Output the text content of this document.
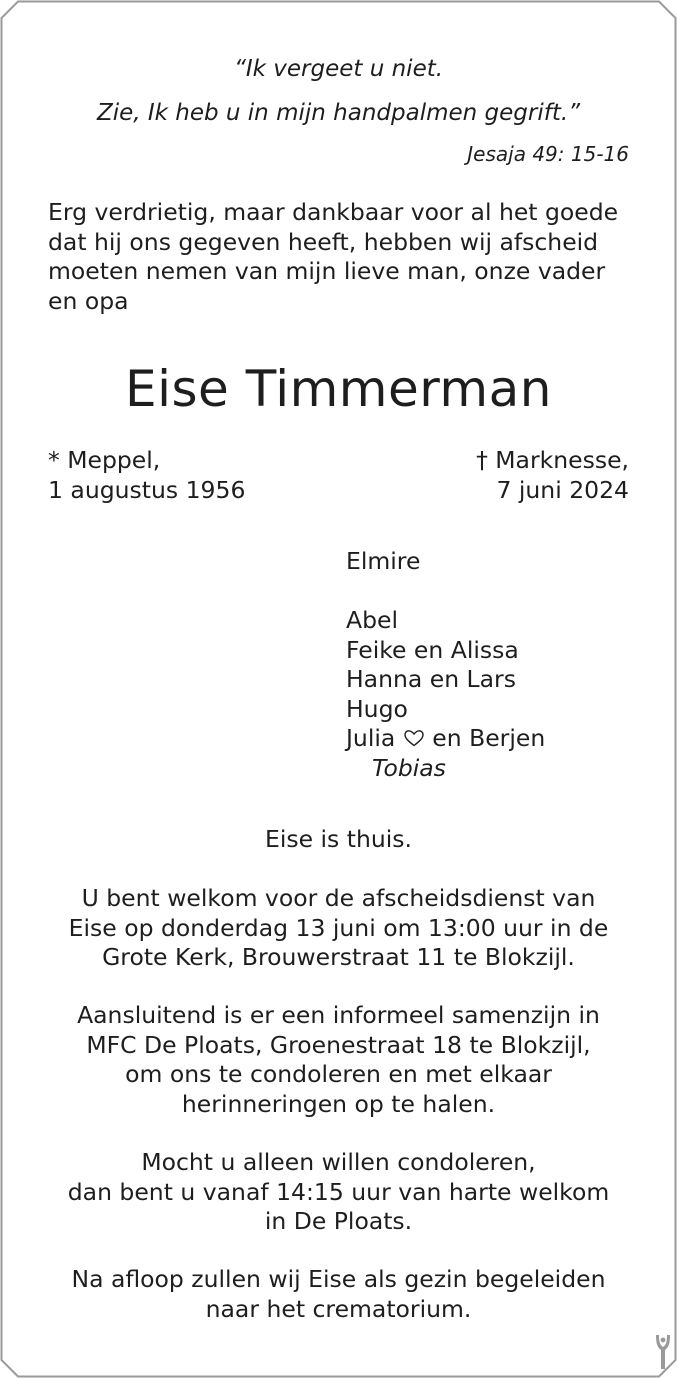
“Ik vergeet u niet.
Zie, Ik heb u in mijn handpalmen gegrift.”
Jesaja 49: 15-16
Erg verdrietig, maar dankbaar voor al het goede
dat hij ons gegeven heeft, hebben wij afscheid
moeten nemen van mijn lieve man, onze vader
en opa
Eise Timmerman
* Meppel,
1 augustus 1956
† Marknesse,
7 juni 2024
Elmire
Abel
Feike en Alissa
Hanna en Lars
Hugo
Julia en Berjen
Tobias
Eise is thuis.
U bent welkom voor de afscheidsdienst van
Eise op donderdag 13 juni om 13:00 uur in de
Grote Kerk, Brouwerstraat 11 te Blokzijl.
Aansluitend is er een informeel samenzijn in
MFC De Ploats, Groenestraat 18 te Blokzijl,
om ons te condoleren en met elkaar
herinneringen op te halen.
Mocht u alleen willen condoleren,
dan bent u vanaf 14:15 uur van harte welkom
in De Ploats.
Na afloop zullen wij Eise als gezin begeleiden
naar het crematorium.
